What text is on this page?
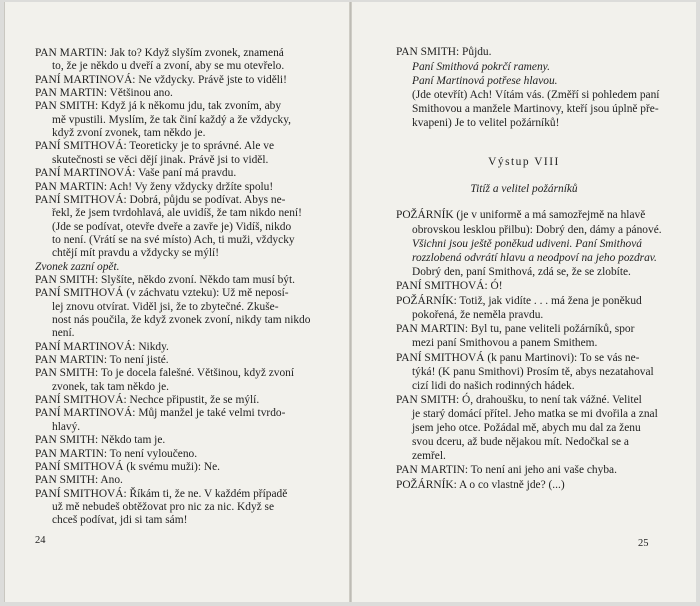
PAN MARTIN: Jak to? Když slyším zvonek, znamená
to, že je někdo u dveří a zvoní, aby se mu otevřelo.
PANÍ MARTINOVÁ: Ne vždycky. Právě jste to viděli!
PAN MARTIN: Většinou ano.
PAN SMITH: Když já k někomu jdu, tak zvoním, aby
mě vpustili. Myslím, že tak činí každý a že vždycky,
když zvoní zvonek, tam někdo je.
PANÍ SMITHOVÁ: Teoreticky je to správné. Ale ve
skutečnosti se věci dějí jinak. Právě jsi to viděl.
PANÍ MARTINOVÁ: Vaše paní má pravdu.
PAN MARTIN: Ach! Vy ženy vždycky držíte spolu!
PANÍ SMITHOVÁ: Dobrá, půjdu se podívat. Abys ne-
řekl, že jsem tvrdohlavá, ale uvidíš, že tam nikdo není!
(Jde se podívat, otevře dveře a zavře je) Vidíš, nikdo
to není. (Vrátí se na své místo) Ach, ti muži, vždycky
chtějí mít pravdu a vždycky se mýlí!
Zvonek zazní opět.
PAN SMITH: Slyšíte, někdo zvoní. Někdo tam musí být.
PANÍ SMITHOVÁ (v záchvatu vzteku): Už mě neposí-
lej znovu otvírat. Viděl jsi, že to zbytečné. Zkuše-
nost nás poučila, že když zvonek zvoní, nikdy tam nikdo
není.
PANÍ MARTINOVÁ: Nikdy.
PAN MARTIN: To není jisté.
PAN SMITH: To je docela falešné. Většinou, když zvoní
zvonek, tak tam někdo je.
PANÍ SMITHOVÁ: Nechce připustit, že se mýlí.
PANÍ MARTINOVÁ: Můj manžel je také velmi tvrdo-
hlavý.
PAN SMITH: Někdo tam je.
PAN MARTIN: To není vyloučeno.
PANÍ SMITHOVÁ (k svému muži): Ne.
PAN SMITH: Ano.
PANÍ SMITHOVÁ: Říkám ti, že ne. V každém případě
už mě nebudeš obtěžovat pro nic za nic. Když se
chceš podívat, jdi si tam sám!
24
PAN SMITH: Půjdu.
Paní Smithová pokrčí rameny.
Paní Martinová potřese hlavou.
(Jde otevřít) Ach! Vítám vás. (Změří si pohledem paní
Smithovou a manžele Martinovy, kteří jsou úplně pře-
kvapeni) Je to velitel požárníků!
Výstup VIII
Titíž a velitel požárníků
POŽÁRNÍK (je v uniformě a má samozřejmě na hlavě
obrovskou lesklou přilbu): Dobrý den, dámy a pánové.
Všichni jsou ještě poněkud udiveni. Paní Smithová
rozzlobená odvrátí hlavu a neodpoví na jeho pozdrav.
Dobrý den, paní Smithová, zdá se, že se zlobíte.
PANÍ SMITHOVÁ: Ó!
POŽÁRNÍK: Totiž, jak vidíte . . . má žena je poněkud
pokořená, že neměla pravdu.
PAN MARTIN: Byl tu, pane veliteli požárníků, spor
mezi paní Smithovou a panem Smithem.
PANÍ SMITHOVÁ (k panu Martinovi): To se vás ne-
týká! (K panu Smithovi) Prosím tě, abys nezatahoval
cizí lidi do našich rodinných hádek.
PAN SMITH: Ó, drahoušku, to není tak vážné. Velitel
je starý domácí přítel. Jeho matka se mi dvořila a znal
jsem jeho otce. Požádal mě, abych mu dal za ženu
svou dceru, až bude nějakou mít. Nedočkal se a
zemřel.
PAN MARTIN: To není ani jeho ani vaše chyba.
POŽÁRNÍK: A o co vlastně jde? (...)
25
